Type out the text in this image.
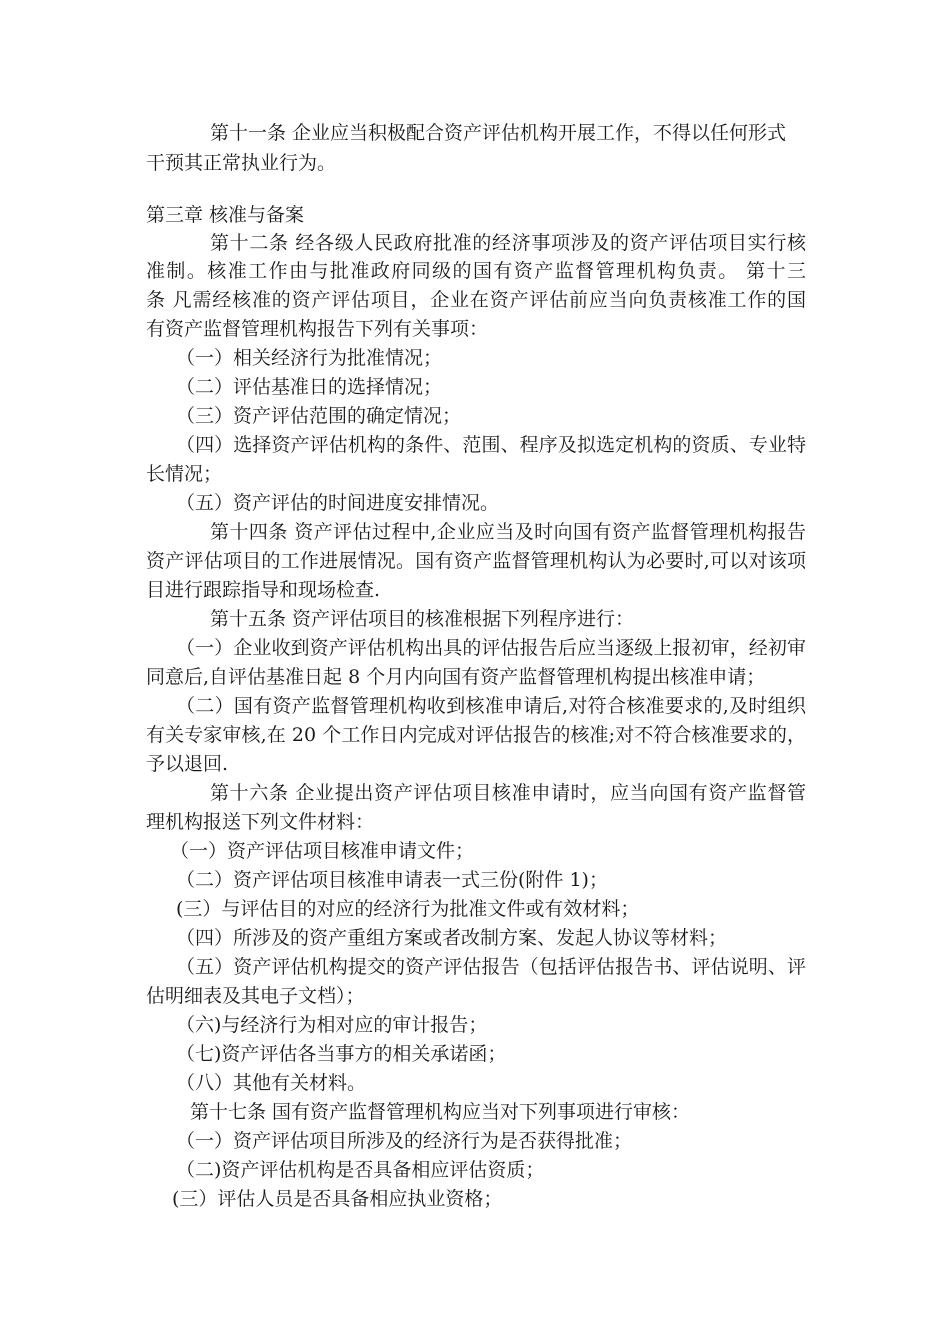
第十一条 企业应当积极配合资产评估机构开展工作，不得以任何形式
干预其正常执业行为。
第三章 核准与备案
第十二条 经各级人民政府批准的经济事项涉及的资产评估项目实行核
准制。核准工作由与批准政府同级的国有资产监督管理机构负责。 第十三
条 凡需经核准的资产评估项目，企业在资产评估前应当向负责核准工作的国
有资产监督管理机构报告下列有关事项：
（一）相关经济行为批准情况；
（二）评估基准日的选择情况；
（三）资产评估范围的确定情况；
（四）选择资产评估机构的条件、范围、程序及拟选定机构的资质、专业特
长情况；
（五）资产评估的时间进度安排情况。
第十四条 资产评估过程中,企业应当及时向国有资产监督管理机构报告
资产评估项目的工作进展情况。国有资产监督管理机构认为必要时,可以对该项
目进行跟踪指导和现场检查.
第十五条 资产评估项目的核准根据下列程序进行：
（一）企业收到资产评估机构出具的评估报告后应当逐级上报初审，经初审
同意后,自评估基准日起 8 个月内向国有资产监督管理机构提出核准申请；
（二）国有资产监督管理机构收到核准申请后,对符合核准要求的,及时组织
有关专家审核,在 20 个工作日内完成对评估报告的核准;对不符合核准要求的，
予以退回.
第十六条 企业提出资产评估项目核准申请时，应当向国有资产监督管
理机构报送下列文件材料：
（一）资产评估项目核准申请文件；
（二）资产评估项目核准申请表一式三份(附件 1)；
(三）与评估目的对应的经济行为批准文件或有效材料；
（四）所涉及的资产重组方案或者改制方案、发起人协议等材料；
（五）资产评估机构提交的资产评估报告（包括评估报告书、评估说明、评
估明细表及其电子文档）；
（六)与经济行为相对应的审计报告；
（七)资产评估各当事方的相关承诺函；
（八）其他有关材料。
第十七条 国有资产监督管理机构应当对下列事项进行审核：
（一）资产评估项目所涉及的经济行为是否获得批准；
（二)资产评估机构是否具备相应评估资质；
(三）评估人员是否具备相应执业资格；
